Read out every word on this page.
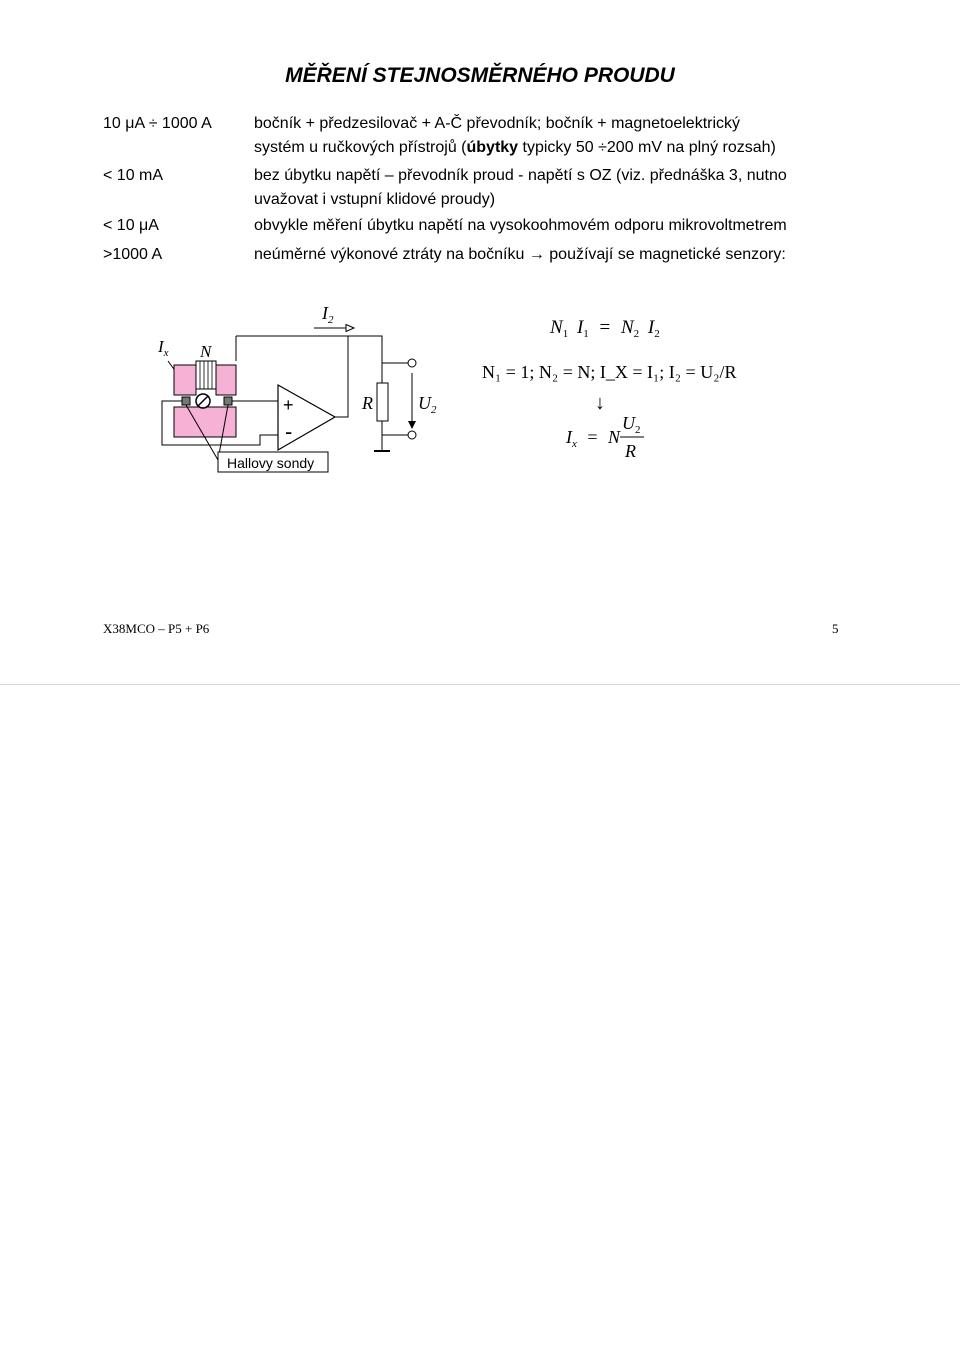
MĚŘENÍ STEJNOSMĚRNÉHO PROUDU
10 μA ÷ 1000 A	bočník + předzesilovač + A-Č převodník; bočník + magnetoelektrický
systém u ručkových přístrojů (úbytky typicky 50 ÷200 mV na plný rozsah)
< 10 mA	bez úbytku napětí – převodník proud - napětí s OZ (viz. přednáška 3, nutno
uvažovat i vstupní klidové proudy)
< 10 μA	obvykle měření úbytku napětí na vysokoohmovém odporu mikrovoltmetrem
>1000 A	neúměrné výkonové ztráty na bočníku → používají se magnetické senzory:
$I_2$
$I_x$ N
+
-
R	$U_2$
Hallovy sondy
$N_1$ $I_1 = N_2$ $I_2$
N₁ = 1; N₂ = N; I_X = I₁; I₂ = U₂/R
↓
$I_x = N$
$U_2$
R
X38MCO – P5 + P6	5
